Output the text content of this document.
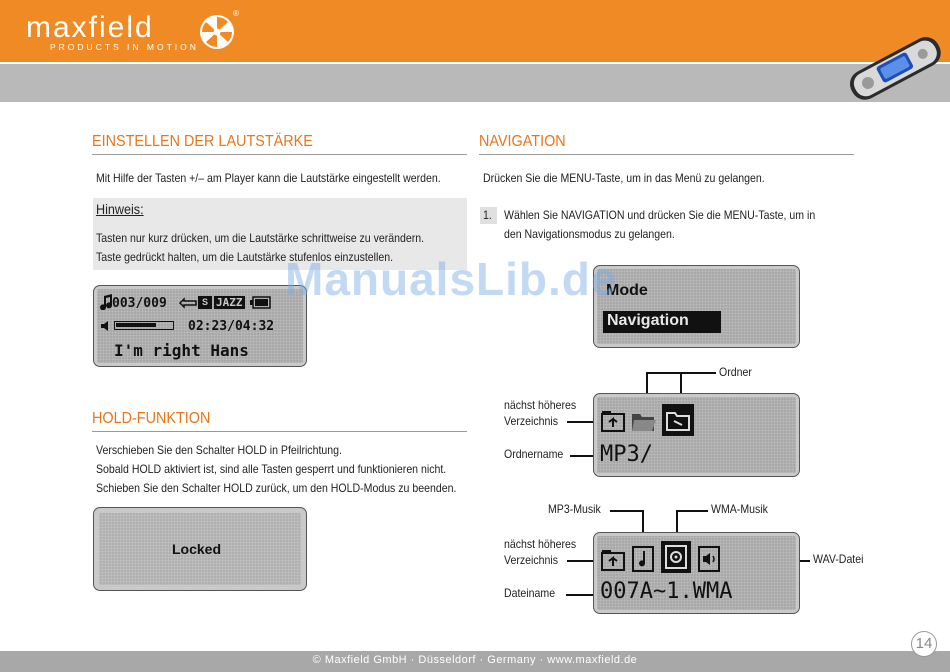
maxfield
PRODUCTS IN MOTION
®
EINSTELLEN DER LAUTSTÄRKE
Mit Hilfe der Tasten +/– am Player kann die Lautstärke eingestellt werden.
Hinweis:
Tasten nur kurz drücken, um die Lautstärke schrittweise zu verändern.
Taste gedrückt halten, um die Lautstärke stufenlos einzustellen.
003/009	S JAZZ
02:23/04:32
I'm right Hans
HOLD-FUNKTION
Verschieben Sie den Schalter HOLD in Pfeilrichtung.
Sobald HOLD aktiviert ist, sind alle Tasten gesperrt und funktionieren nicht.
Schieben Sie den Schalter HOLD zurück, um den HOLD-Modus zu beenden.
Locked
NAVIGATION
Drücken Sie die MENU-Taste, um in das Menü zu gelangen.
1. Wählen Sie NAVIGATION und drücken Sie die MENU-Taste, um in
den Navigationsmodus zu gelangen.
Mode
Navigation
Ordner
nächst höheres
Verzeichnis
Ordnername MP3/
MP3-Musik	WMA-Musik
nächst höheres
Verzeichnis	WAV-Datei
Dateiname 007A~1.WMA
ManualsLib.de
© Maxfield GmbH · Düsseldorf · Germany · www.maxfield.de
14
